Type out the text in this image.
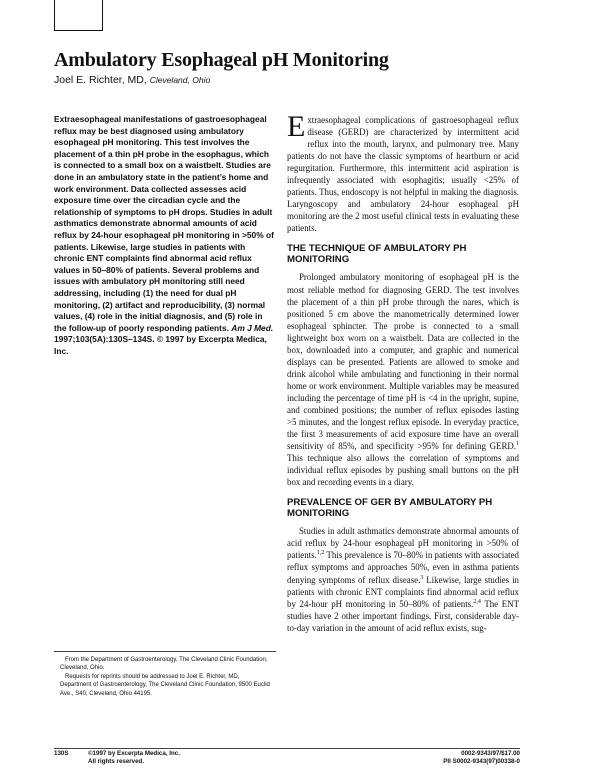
Ambulatory Esophageal pH Monitoring
Joel E. Richter, MD, Cleveland, Ohio

Extraesophageal manifestations of gastroesophageal reflux may be best diagnosed using ambulatory esophageal pH monitoring. This test involves the placement of a thin pH probe in the esophagus, which is connected to a small box on a waistbelt. Studies are done in an ambulatory state in the patient’s home and work environment. Data collected assesses acid exposure time over the circadian cycle and the relationship of symptoms to pH drops. Studies in adult asthmatics demonstrate abnormal amounts of acid reflux by 24-hour esophageal pH monitoring in >50% of patients. Likewise, large studies in patients with chronic ENT complaints find abnormal acid reflux values in 50–80% of patients. Several problems and issues with ambulatory pH monitoring still need addressing, including (1) the need for dual pH monitoring, (2) artifact and reproducibility, (3) normal values, (4) role in the initial diagnosis, and (5) role in the follow-up of poorly responding patients. Am J Med. 1997;103(5A):130S–134S. © 1997 by Excerpta Medica, Inc.

Extraesophageal complications of gastroesophageal reflux disease (GERD) are characterized by intermittent acid reflux into the mouth, larynx, and pulmonary tree. Many patients do not have the classic symptoms of heartburn or acid regurgitation. Furthermore, this intermittent acid aspiration is infrequently associated with esophagitis; usually <25% of patients. Thus, endoscopy is not helpful in making the diagnosis. Laryngoscopy and ambulatory 24-hour esophageal pH monitoring are the 2 most useful clinical tests in evaluating these patients.

THE TECHNIQUE OF AMBULATORY PH MONITORING

Prolonged ambulatory monitoring of esophageal pH is the most reliable method for diagnosing GERD. The test involves the placement of a thin pH probe through the nares, which is positioned 5 cm above the manometrically determined lower esophageal sphincter. The probe is connected to a small lightweight box worn on a waistbelt. Data are collected in the box, downloaded into a computer, and graphic and numerical displays can be presented. Patients are allowed to smoke and drink alcohol while ambulating and functioning in their normal home or work environment. Multiple variables may be measured including the percentage of time pH is <4 in the upright, supine, and combined positions; the number of reflux episodes lasting >5 minutes, and the longest reflux episode. In everyday practice, the first 3 measurements of acid exposure time have an overall sensitivity of 85%, and specificity >95% for defining GERD.$^1$ This technique also allows the correlation of symptoms and individual reflux episodes by pushing small buttons on the pH box and recording events in a diary.

PREVALENCE OF GER BY AMBULATORY PH MONITORING

Studies in adult asthmatics demonstrate abnormal amounts of acid reflux by 24-hour esophageal pH monitoring in >50% of patients.$^{1,2}$ This prevalence is 70–80% in patients with associated reflux symptoms and approaches 50%, even in asthma patients denying symptoms of reflux disease.$^3$ Likewise, large studies in patients with chronic ENT complaints find abnormal acid reflux by 24-hour pH monitoring in 50–80% of patients.$^{2,4}$ The ENT studies have 2 other important findings. First, considerable day-to-day variation in the amount of acid reflux exists, sug-

From the Department of Gastroenterology, The Cleveland Clinic Foundation, Cleveland, Ohio.

Requests for reprints should be addressed to Joel E. Richter, MD, Department of Gastroenterology, The Cleveland Clinic Foundation, 9500 Euclid Ave., S40, Cleveland, Ohio 44195.

130S	©1997 by Excerpta Medica, Inc.
All rights reserved.
0002-9343/97/$17.00
PII S0002-9343(97)00338-0
